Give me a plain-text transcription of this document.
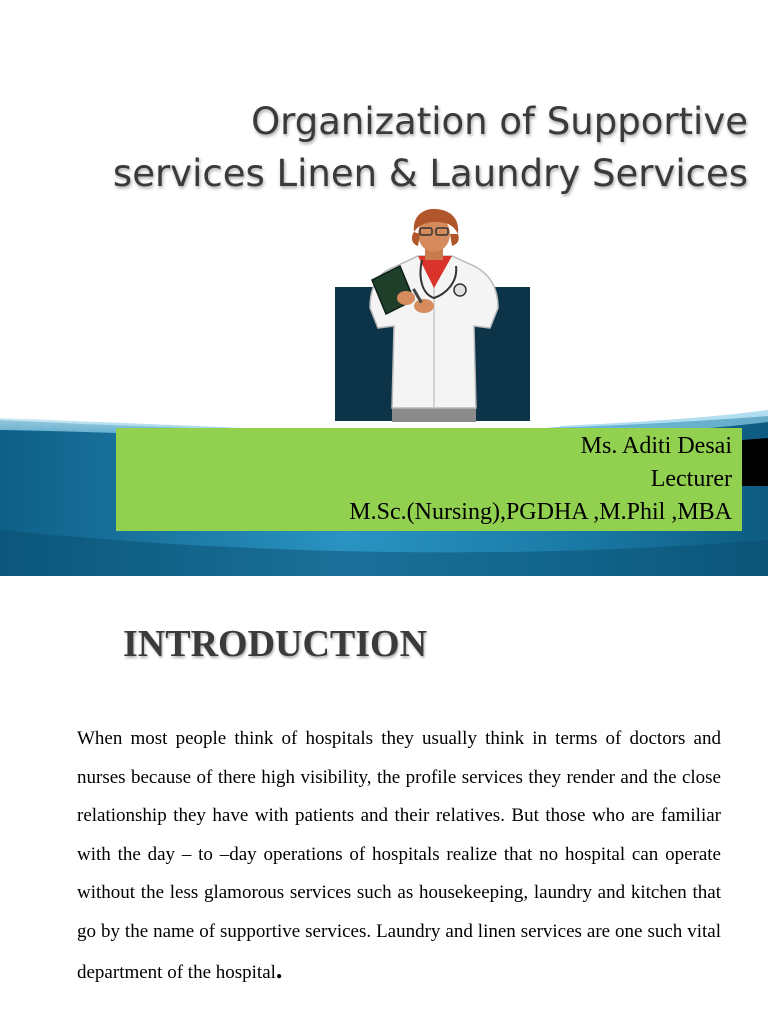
Organization of Supportive
services Linen & Laundry Services
Ms. Aditi Desai
Lecturer
M.Sc.(Nursing),PGDHA ,M.Phil ,MBA
INTRODUCTION

When most people think of hospitals they usually think in terms of doctors and nurses because of there high visibility, the profile services they render and the close relationship they have with patients and their relatives. But those who are familiar with the day – to –day operations of hospitals realize that no hospital can operate without the less glamorous services such as housekeeping, laundry and kitchen that go by the name of supportive services. Laundry and linen services are one such vital department of the hospital.
